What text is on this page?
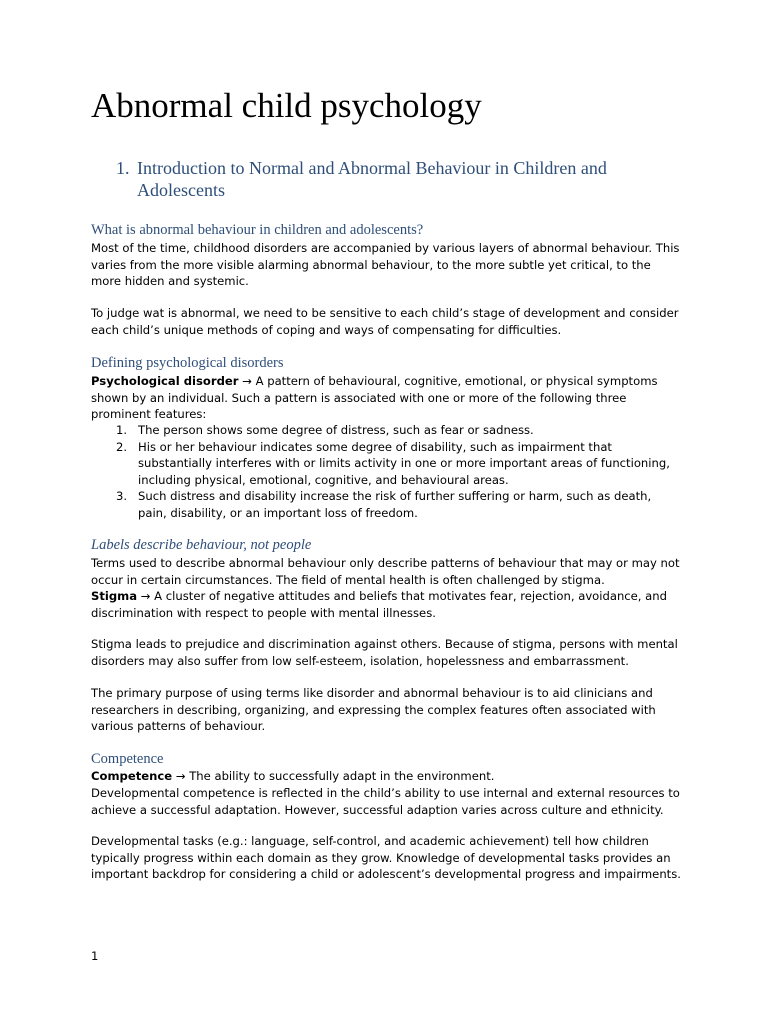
Abnormal child psychology
1. Introduction to Normal and Abnormal Behaviour in Children and Adolescents
What is abnormal behaviour in children and adolescents?

Most of the time, childhood disorders are accompanied by various layers of abnormal behaviour. This varies from the more visible alarming abnormal behaviour, to the more subtle yet critical, to the more hidden and systemic.

To judge wat is abnormal, we need to be sensitive to each child’s stage of development and consider each child’s unique methods of coping and ways of compensating for difficulties.

Defining psychological disorders

Psychological disorder → A pattern of behavioural, cognitive, emotional, or physical symptoms shown by an individual. Such a pattern is associated with one or more of the following three prominent features:

1. The person shows some degree of distress, such as fear or sadness.
2. His or her behaviour indicates some degree of disability, such as impairment that substantially interferes with or limits activity in one or more important areas of functioning, including physical, emotional, cognitive, and behavioural areas.
3. Such distress and disability increase the risk of further suffering or harm, such as death, pain, disability, or an important loss of freedom.
Labels describe behaviour, not people

Terms used to describe abnormal behaviour only describe patterns of behaviour that may or may not occur in certain circumstances. The field of mental health is often challenged by stigma.

Stigma → A cluster of negative attitudes and beliefs that motivates fear, rejection, avoidance, and discrimination with respect to people with mental illnesses.

Stigma leads to prejudice and discrimination against others. Because of stigma, persons with mental disorders may also suffer from low self-esteem, isolation, hopelessness and embarrassment.

The primary purpose of using terms like disorder and abnormal behaviour is to aid clinicians and researchers in describing, organizing, and expressing the complex features often associated with various patterns of behaviour.

Competence

Competence → The ability to successfully adapt in the environment.

Developmental competence is reflected in the child’s ability to use internal and external resources to achieve a successful adaptation. However, successful adaption varies across culture and ethnicity.

Developmental tasks (e.g.: language, self-control, and academic achievement) tell how children typically progress within each domain as they grow. Knowledge of developmental tasks provides an important backdrop for considering a child or adolescent’s developmental progress and impairments.

1
